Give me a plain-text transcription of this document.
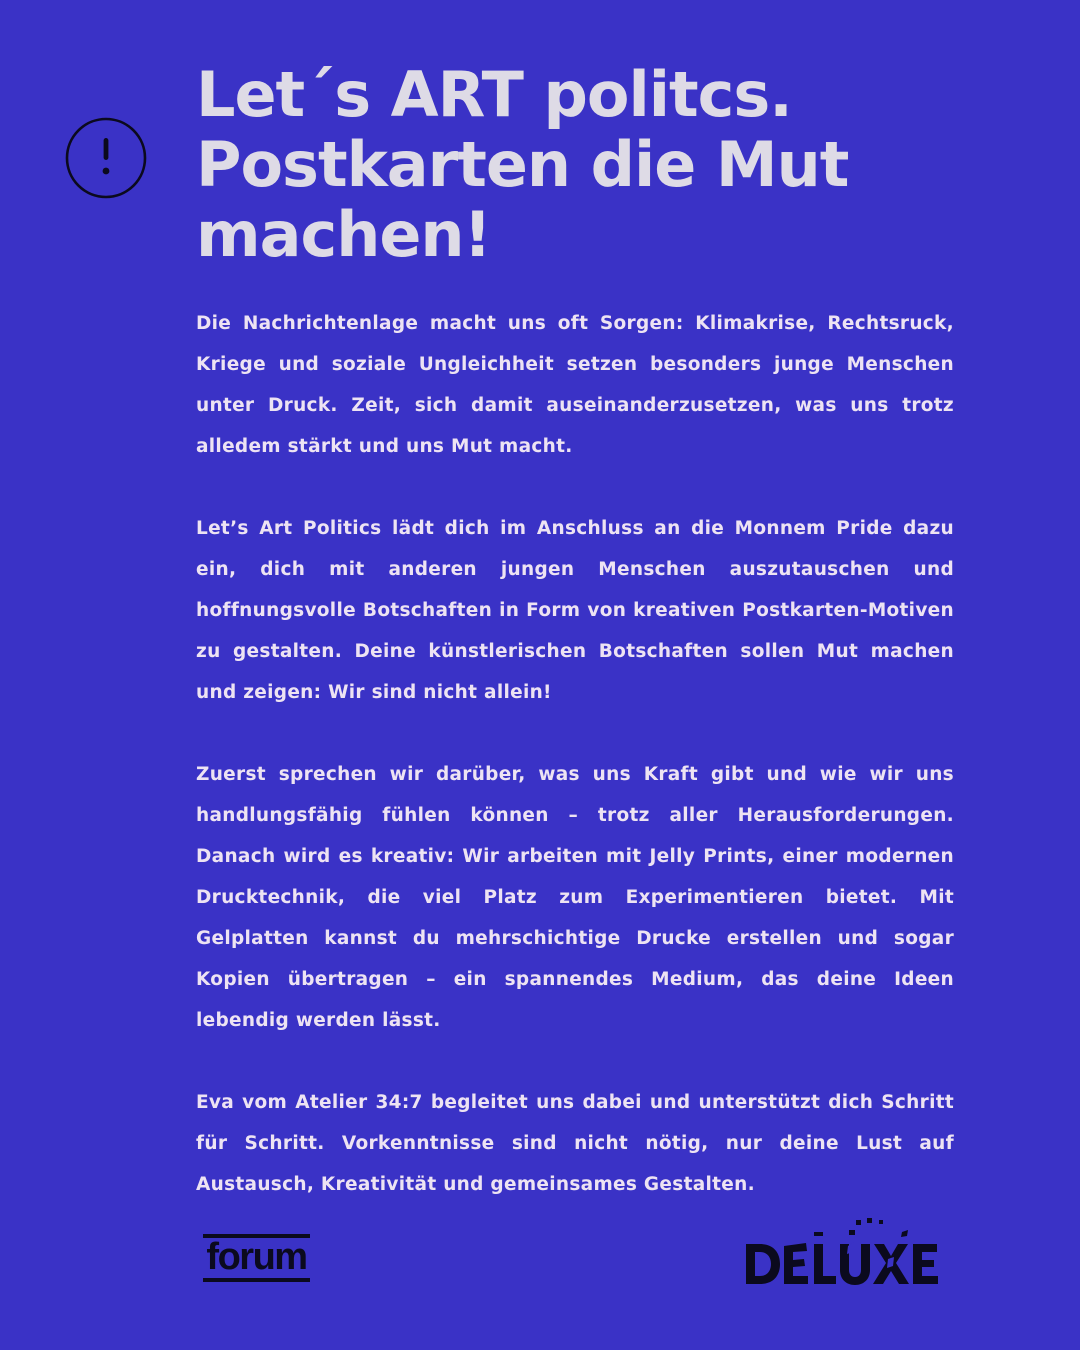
Let´s ART politcs.
Postkarten die Mut
machen!

Die Nachrichtenlage macht uns oft Sorgen: Klimakrise, Rechtsruck, Kriege und soziale Ungleichheit setzen besonders junge Menschen unter Druck. Zeit, sich damit auseinanderzusetzen, was uns trotz alledem stärkt und uns Mut macht.

Let’s Art Politics lädt dich im Anschluss an die Monnem Pride dazu ein, dich mit anderen jungen Menschen auszutauschen und hoffnungsvolle Botschaften in Form von kreativen Postkarten-Motiven zu gestalten. Deine künstlerischen Botschaften sollen Mut machen und zeigen: Wir sind nicht allein!

Zuerst sprechen wir darüber, was uns Kraft gibt und wie wir uns handlungsfähig fühlen können – trotz aller Herausforderungen. Danach wird es kreativ: Wir arbeiten mit Jelly Prints, einer modernen Drucktechnik, die viel Platz zum Experimentieren bietet. Mit Gelplatten kannst du mehrschichtige Drucke erstellen und sogar Kopien übertragen – ein spannendes Medium, das deine Ideen lebendig werden lässt.

Eva vom Atelier 34:7 begleitet uns dabei und unterstützt dich Schritt für Schritt. Vorkenntnisse sind nicht nötig, nur deine Lust auf Austausch, Kreativität und gemeinsames Gestalten.

forum
